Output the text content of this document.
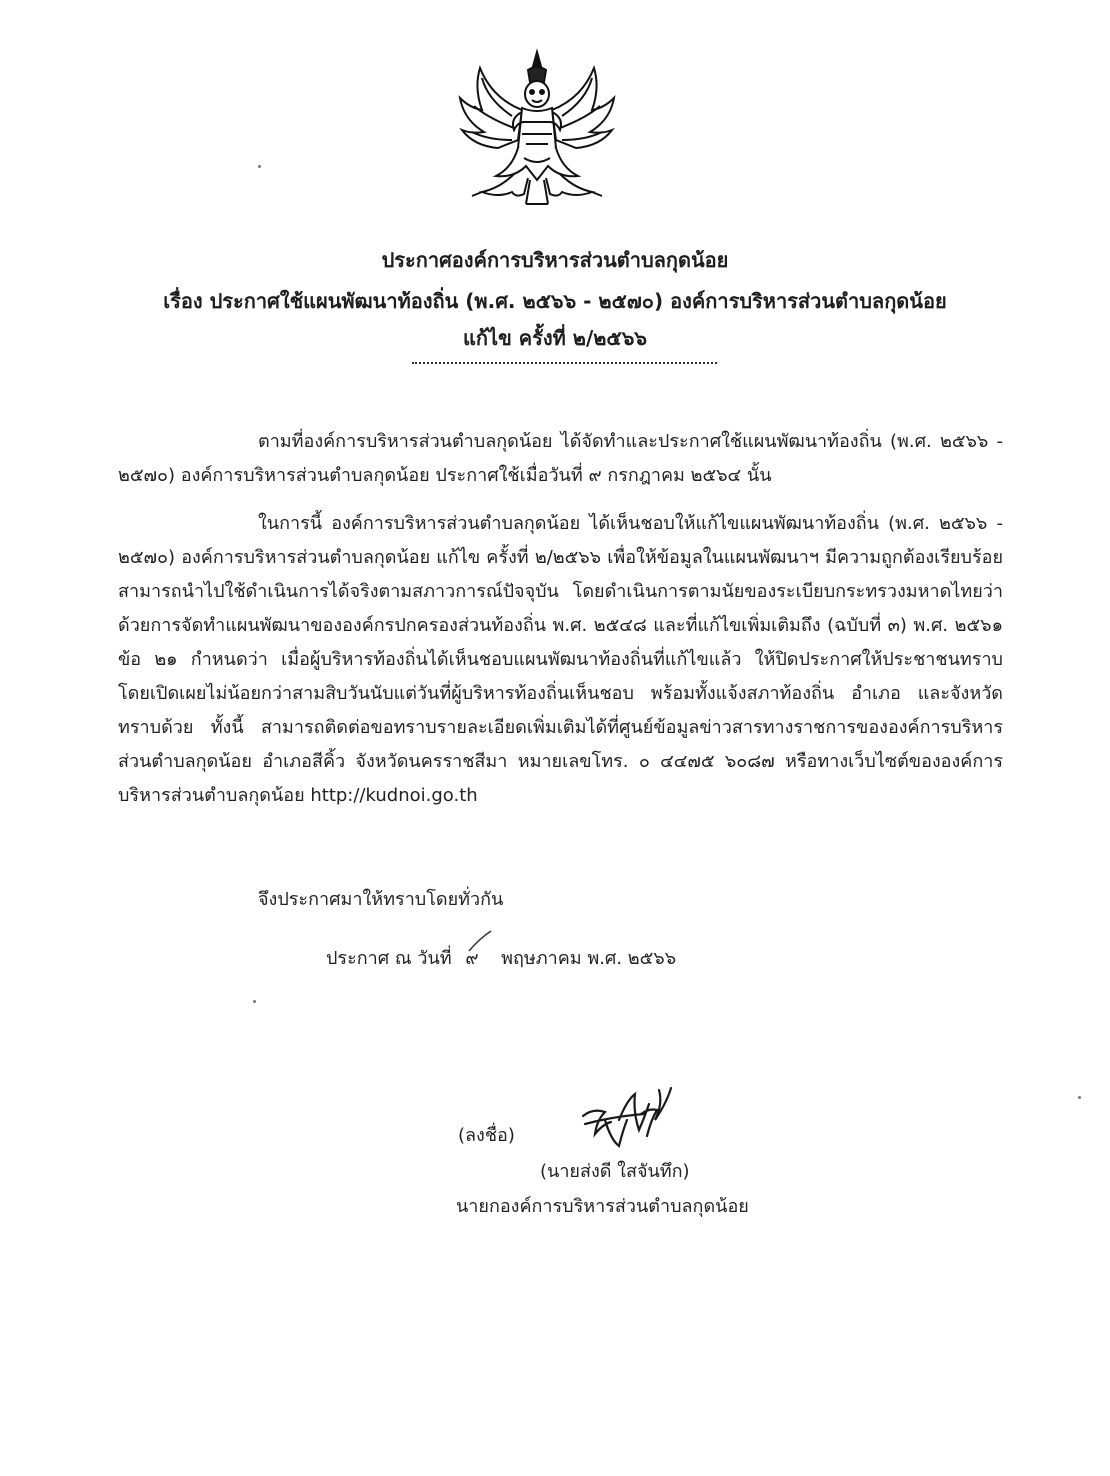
ประกาศองค์การบริหารส่วนตำบลกุดน้อย
เรื่อง ประกาศใช้แผนพัฒนาท้องถิ่น (พ.ศ. ๒๕๖๖ - ๒๕๗๐) องค์การบริหารส่วนตำบลกุดน้อย
แก้ไข ครั้งที่ ๒/๒๕๖๖
ตามที่องค์การบริหารส่วนตำบลกุดน้อย ได้จัดทำและประกาศใช้แผนพัฒนาท้องถิ่น (พ.ศ. ๒๕๖๖ - ๒๕๗๐) องค์การบริหารส่วนตำบลกุดน้อย ประกาศใช้เมื่อวันที่ ๙ กรกฎาคม ๒๕๖๔ นั้น
ในการนี้ องค์การบริหารส่วนตำบลกุดน้อย ได้เห็นชอบให้แก้ไขแผนพัฒนาท้องถิ่น (พ.ศ. ๒๕๖๖ - ๒๕๗๐) องค์การบริหารส่วนตำบลกุดน้อย แก้ไข ครั้งที่ ๒/๒๕๖๖ เพื่อให้ข้อมูลในแผนพัฒนาฯ มีความถูกต้องเรียบร้อย สามารถนำไปใช้ดำเนินการได้จริงตามสภาวการณ์ปัจจุบัน โดยดำเนินการตามนัยของระเบียบกระทรวงมหาดไทยว่าด้วยการจัดทำแผนพัฒนาขององค์กรปกครองส่วนท้องถิ่น พ.ศ. ๒๕๔๘ และที่แก้ไขเพิ่มเติมถึง (ฉบับที่ ๓) พ.ศ. ๒๕๖๑ ข้อ ๒๑ กำหนดว่า เมื่อผู้บริหารท้องถิ่นได้เห็นชอบแผนพัฒนาท้องถิ่นที่แก้ไขแล้ว ให้ปิดประกาศให้ประชาชนทราบโดยเปิดเผยไม่น้อยกว่าสามสิบวันนับแต่วันที่ผู้บริหารท้องถิ่นเห็นชอบ พร้อมทั้งแจ้งสภาท้องถิ่น อำเภอ และจังหวัดทราบด้วย ทั้งนี้ สามารถติดต่อขอทราบรายละเอียดเพิ่มเติมได้ที่ศูนย์ข้อมูลข่าวสารทางราชการขององค์การบริหารส่วนตำบลกุดน้อย อำเภอสีคิ้ว จังหวัดนครราชสีมา หมายเลขโทร. ๐ ๔๔๗๕ ๖๐๘๗ หรือทางเว็บไซต์ขององค์การบริหารส่วนตำบลกุดน้อย http://kudnoi.go.th
จึงประกาศมาให้ทราบโดยทั่วกัน
ประกาศ ณ วันที่ ๙ พฤษภาคม พ.ศ. ๒๕๖๖
(ลงชื่อ)
(นายส่งดี ใสจันทึก)
นายกองค์การบริหารส่วนตำบลกุดน้อย
